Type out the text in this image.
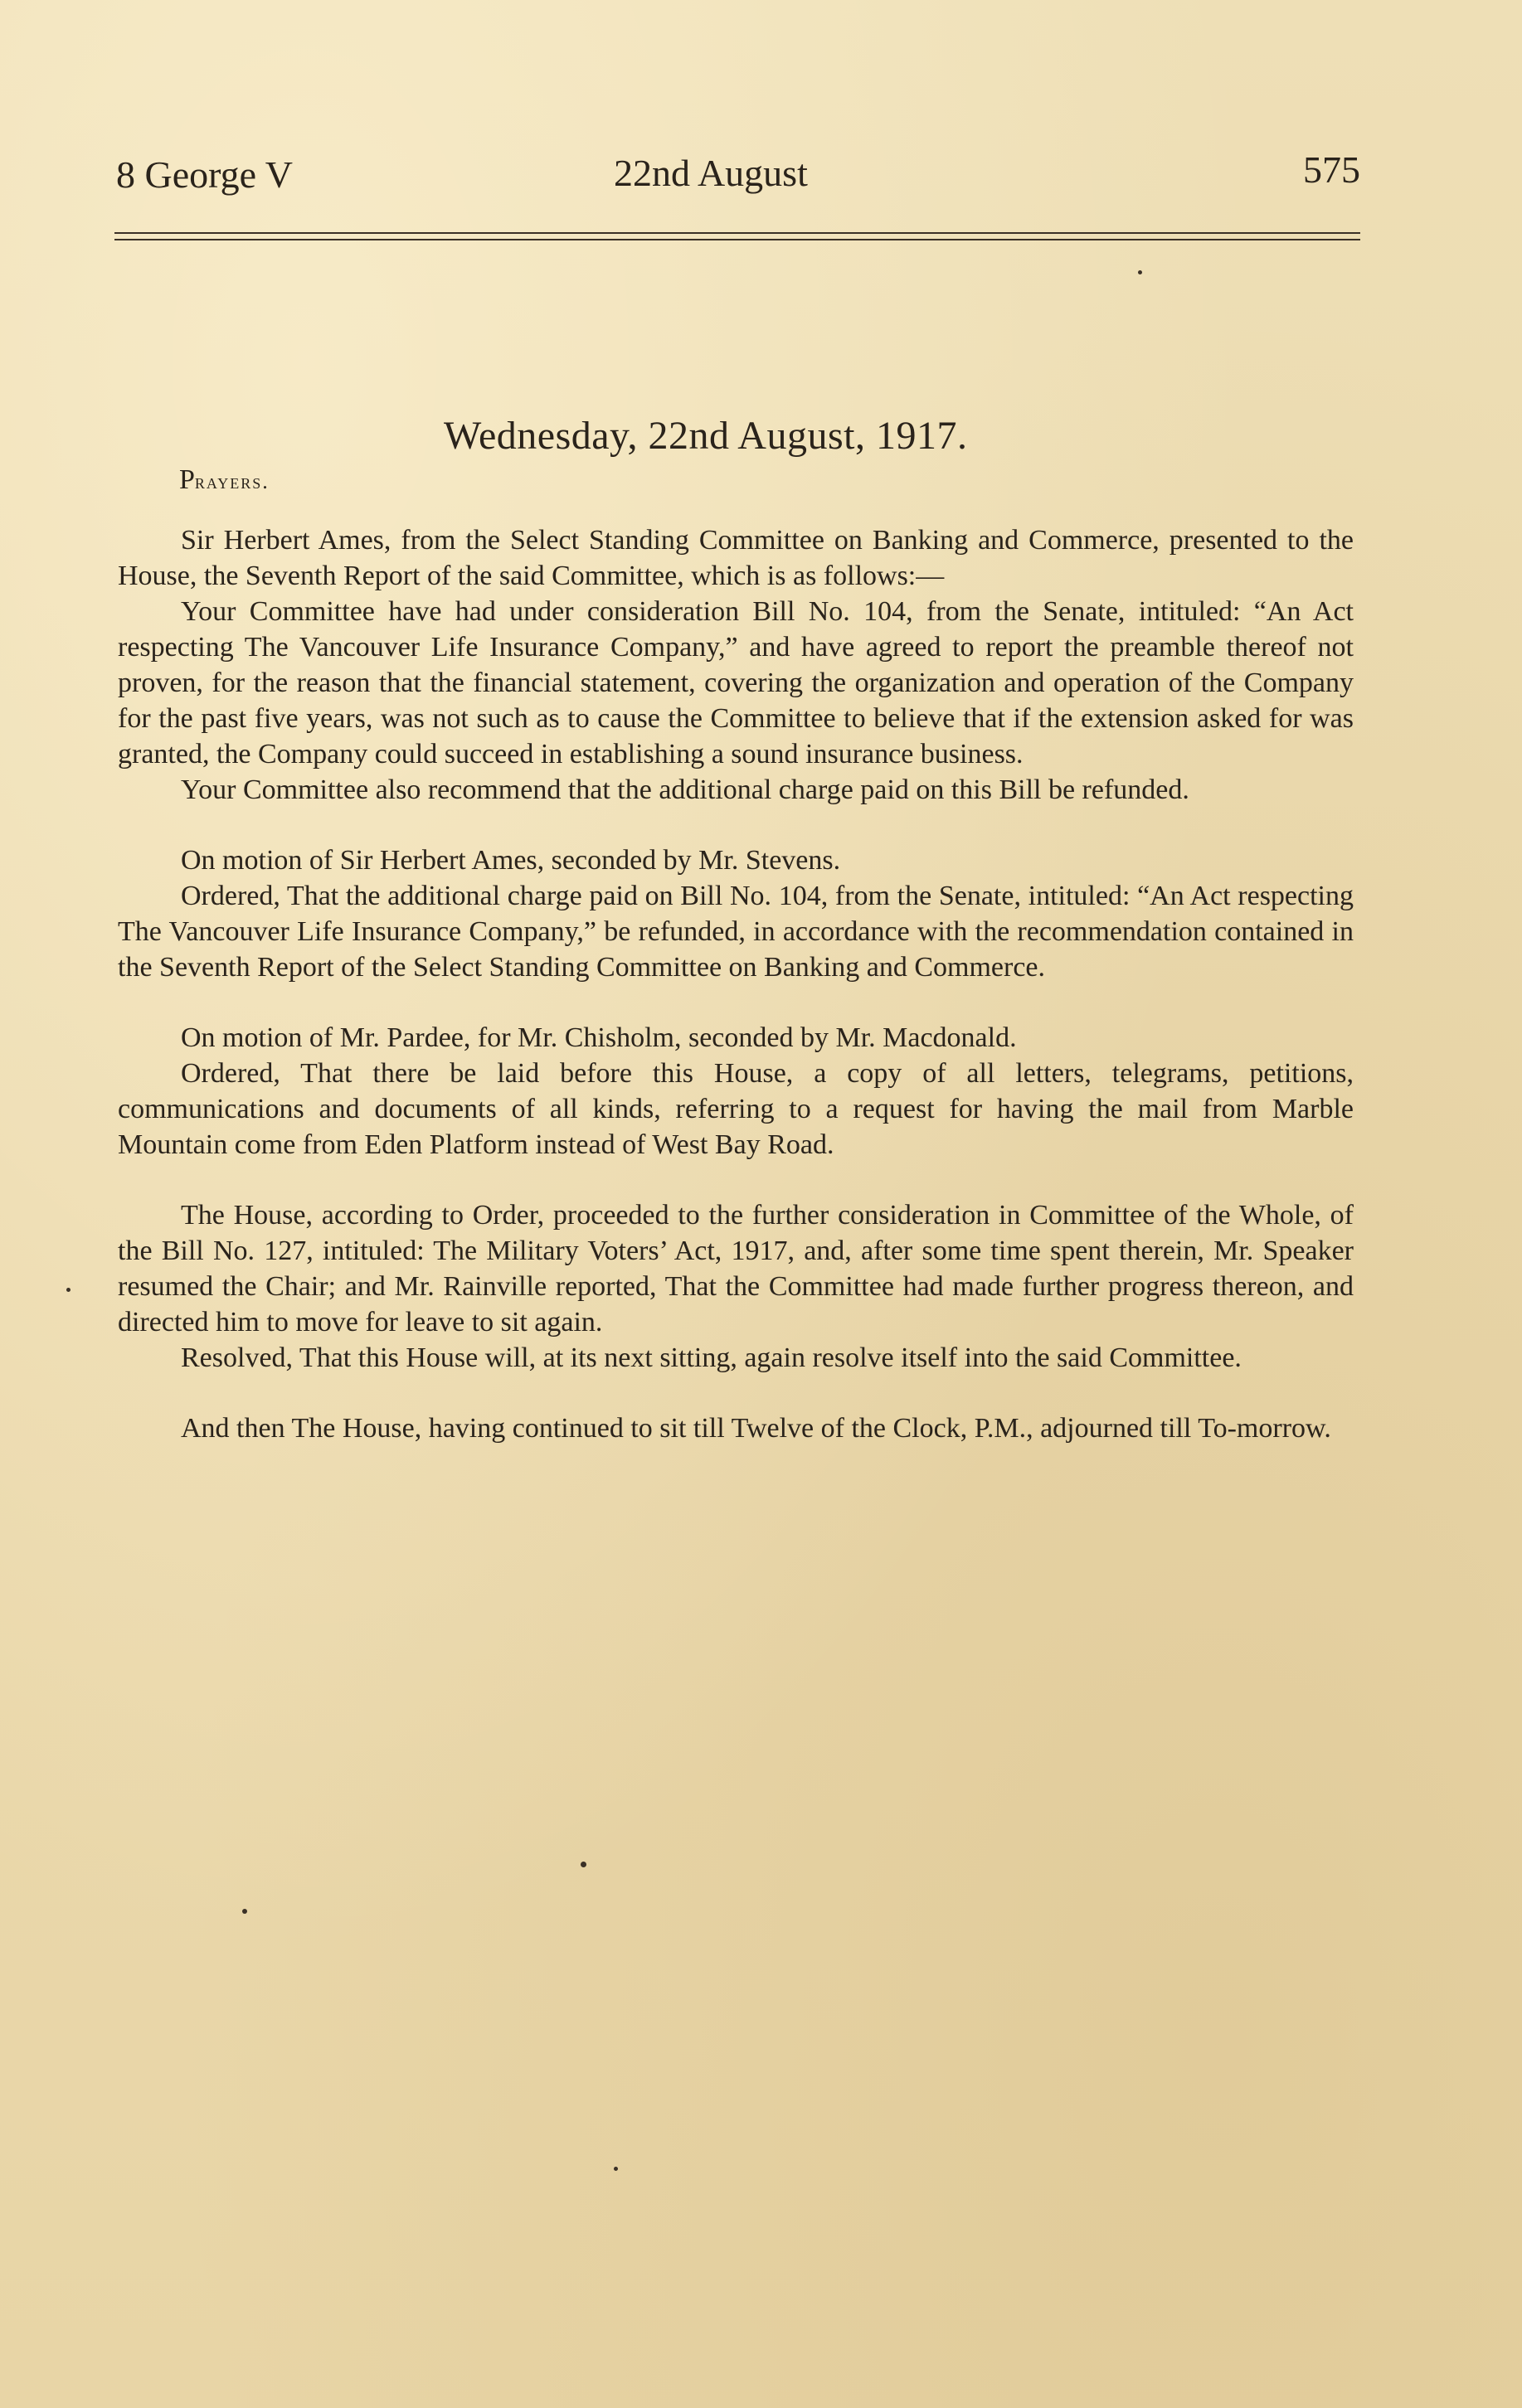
8 George V	22nd August	575
Wednesday, 22nd August, 1917.
Prayers.

Sir Herbert Ames, from the Select Standing Committee on Banking and Commerce, presented to the House, the Seventh Report of the said Committee, which is as follows:—

Your Committee have had under consideration Bill No. 104, from the Senate, intituled: “An Act respecting The Vancouver Life Insurance Company,” and have agreed to report the preamble thereof not proven, for the reason that the financial statement, covering the organization and operation of the Company for the past five years, was not such as to cause the Committee to believe that if the extension asked for was granted, the Company could succeed in establishing a sound insurance business.

Your Committee also recommend that the additional charge paid on this Bill be refunded.

On motion of Sir Herbert Ames, seconded by Mr. Stevens.

Ordered, That the additional charge paid on Bill No. 104, from the Senate, intituled: “An Act respecting The Vancouver Life Insurance Company,” be refunded, in accordance with the recommendation contained in the Seventh Report of the Select Standing Committee on Banking and Commerce.

On motion of Mr. Pardee, for Mr. Chisholm, seconded by Mr. Macdonald.

Ordered, That there be laid before this House, a copy of all letters, telegrams, petitions, communications and documents of all kinds, referring to a request for having the mail from Marble Mountain come from Eden Platform instead of West Bay Road.

The House, according to Order, proceeded to the further consideration in Committee of the Whole, of the Bill No. 127, intituled: The Military Voters’ Act, 1917, and, after some time spent therein, Mr. Speaker resumed the Chair; and Mr. Rainville reported, That the Committee had made further progress thereon, and directed him to move for leave to sit again.

Resolved, That this House will, at its next sitting, again resolve itself into the said Committee.

And then The House, having continued to sit till Twelve of the Clock, P.M., adjourned till To-morrow.
